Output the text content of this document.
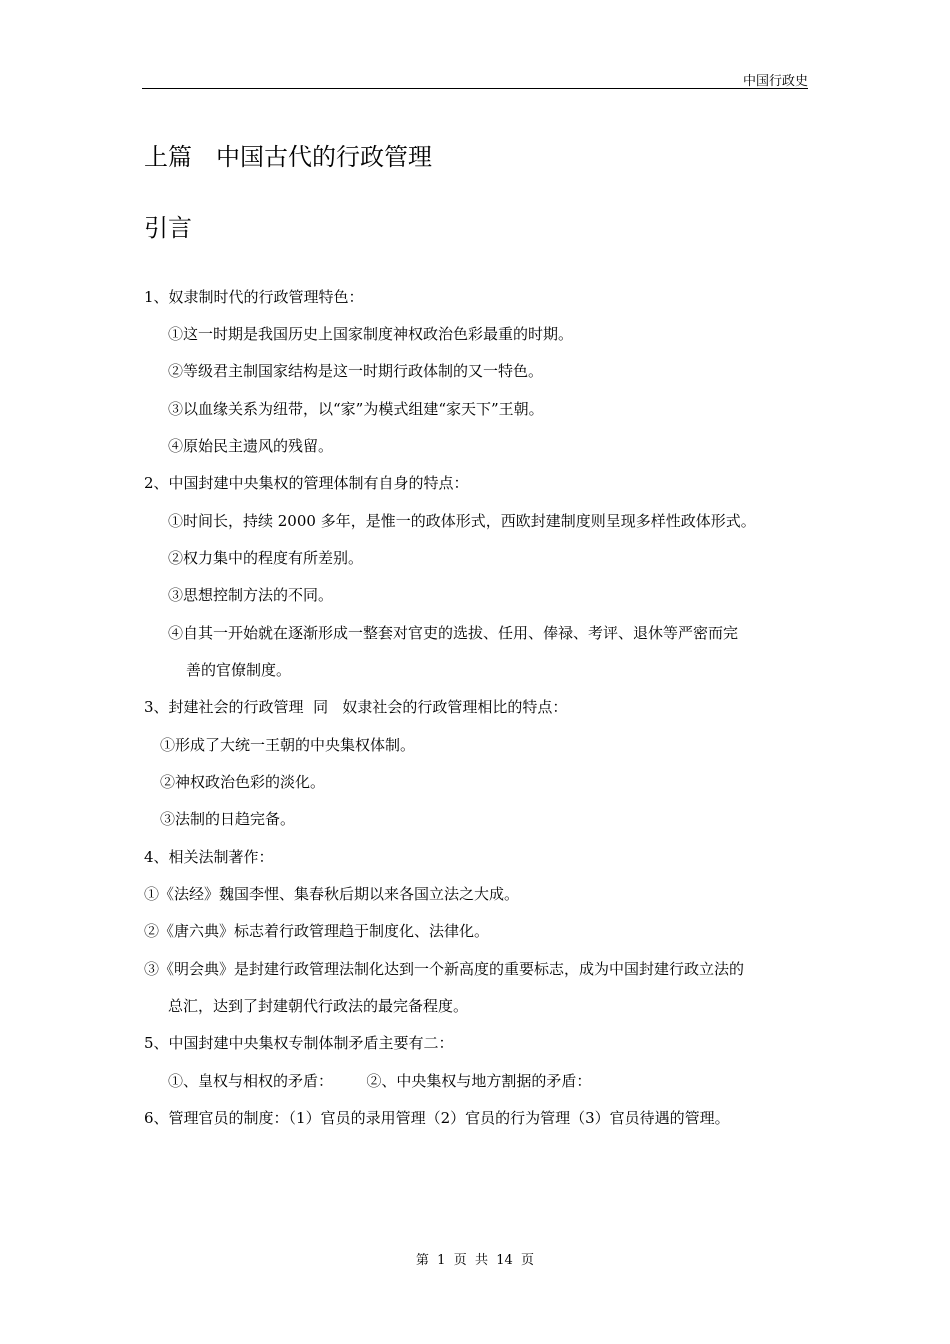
中国行政史
上篇　中国古代的行政管理
引言
1、奴隶制时代的行政管理特色：
①这一时期是我国历史上国家制度神权政治色彩最重的时期。
②等级君主制国家结构是这一时期行政体制的又一特色。
③以血缘关系为纽带，以“家”为模式组建“家天下”王朝。
④原始民主遗风的残留。
2、中国封建中央集权的管理体制有自身的特点：
①时间长，持续 2000 多年，是惟一的政体形式，西欧封建制度则呈现多样性政体形式。
②权力集中的程度有所差别。
③思想控制方法的不同。
④自其一开始就在逐渐形成一整套对官吏的选拔、任用、俸禄、考评、退休等严密而完
善的官僚制度。
3、封建社会的行政管理  同   奴隶社会的行政管理相比的特点：
①形成了大统一王朝的中央集权体制。
②神权政治色彩的淡化。
③法制的日趋完备。
4、相关法制著作：
①《法经》魏国李悝、集春秋后期以来各国立法之大成。
②《唐六典》标志着行政管理趋于制度化、法律化。
③《明会典》是封建行政管理法制化达到一个新高度的重要标志，成为中国封建行政立法的
总汇，达到了封建朝代行政法的最完备程度。
5、中国封建中央集权专制体制矛盾主要有二：
①、皇权与相权的矛盾：       ②、中央集权与地方割据的矛盾：
6、管理官员的制度：（1）官员的录用管理（2）官员的行为管理（3）官员待遇的管理。
第  1  页  共  14  页
